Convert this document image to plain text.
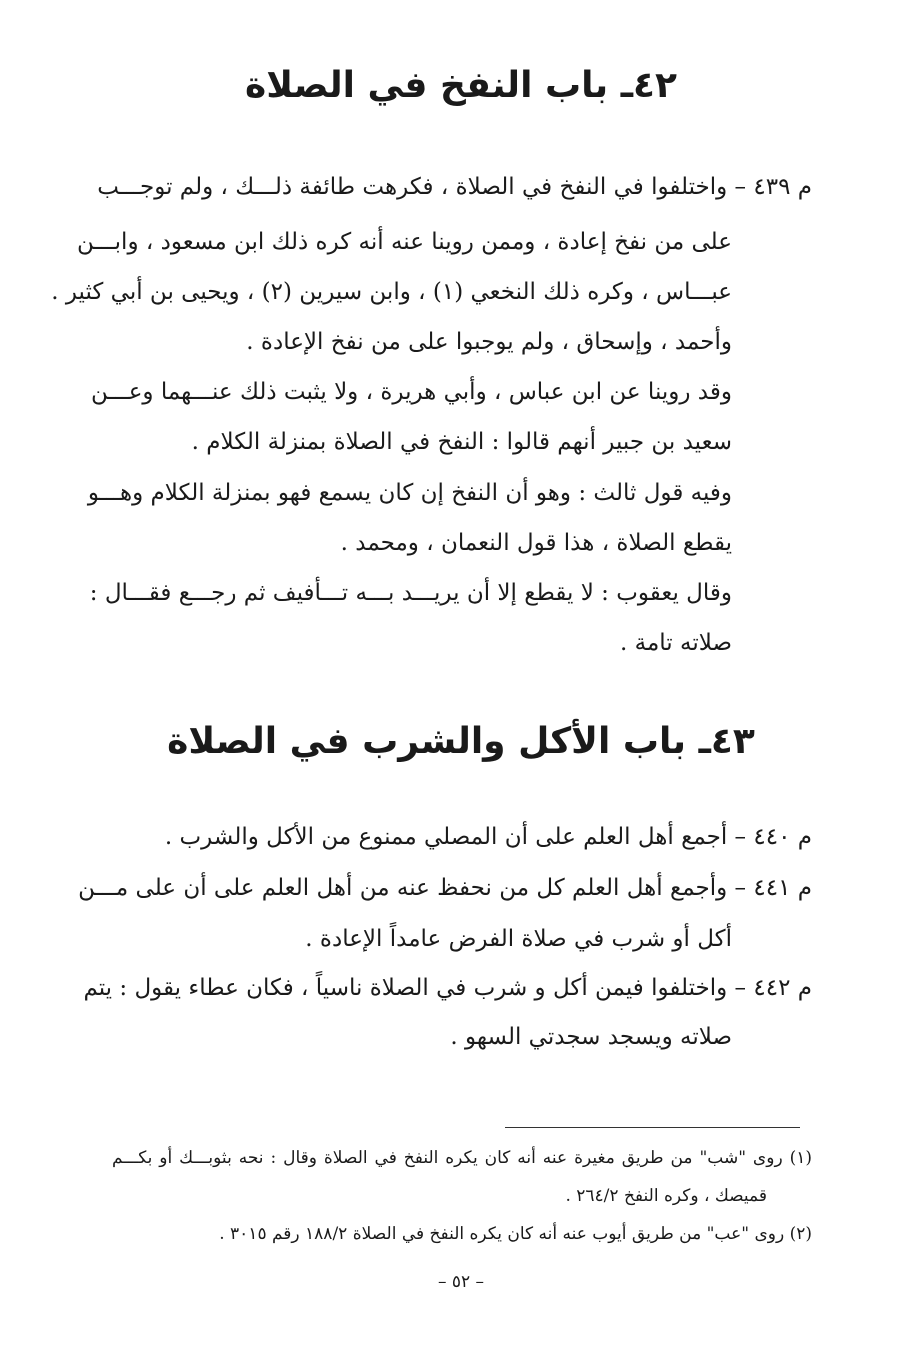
٤٢ـ باب النفخ في الصلاة
م ٤٣٩ – واختلفوا في النفخ في الصلاة ، فكرهت طائفة ذلـــك ، ولم توجـــب
على من نفخ إعادة ، وممن روينا عنه أنه كره ذلك ابن مسعود ، وابـــن
عبـــاس ، وكره ذلك النخعي (١) ، وابن سيرين (٢) ، ويحيى بن أبي كثير .
وأحمد ، وإسحاق ، ولم يوجبوا على من نفخ الإعادة .
وقد روينا عن ابن عباس ، وأبي هريرة ، ولا يثبت ذلك عنـــهما وعـــن
سعيد بن جبير أنهم قالوا : النفخ في الصلاة بمنزلة الكلام .
وفيه قول ثالث : وهو أن النفخ إن كان يسمع فهو بمنزلة الكلام وهـــو
يقطع الصلاة ، هذا قول النعمان ، ومحمد .
وقال يعقوب : لا يقطع إلا أن يريـــد بـــه تـــأفيف ثم رجـــع فقـــال :
صلاته تامة .
٤٣ـ باب الأكل والشرب في الصلاة
م ٤٤٠ – أجمع أهل العلم على أن المصلي ممنوع من الأكل والشرب .
م ٤٤١ – وأجمع أهل العلم كل من نحفظ عنه من أهل العلم على أن على مـــن
أكل أو شرب في صلاة الفرض عامداً الإعادة .
م ٤٤٢ – واختلفوا فيمن أكل و شرب في الصلاة ناسياً ، فكان عطاء يقول : يتم
صلاته ويسجد سجدتي السهو .
(١) روى "شب" من طريق مغيرة عنه أنه كان يكره النفخ في الصلاة وقال : نحه بثوبـــك أو بكـــم
قميصك ، وكره النفخ ٢٦٤/٢ .
(٢) روى "عب" من طريق أيوب عنه أنه كان يكره النفخ في الصلاة ١٨٨/٢ رقم ٣٠١٥ .
– ٥٢ –
